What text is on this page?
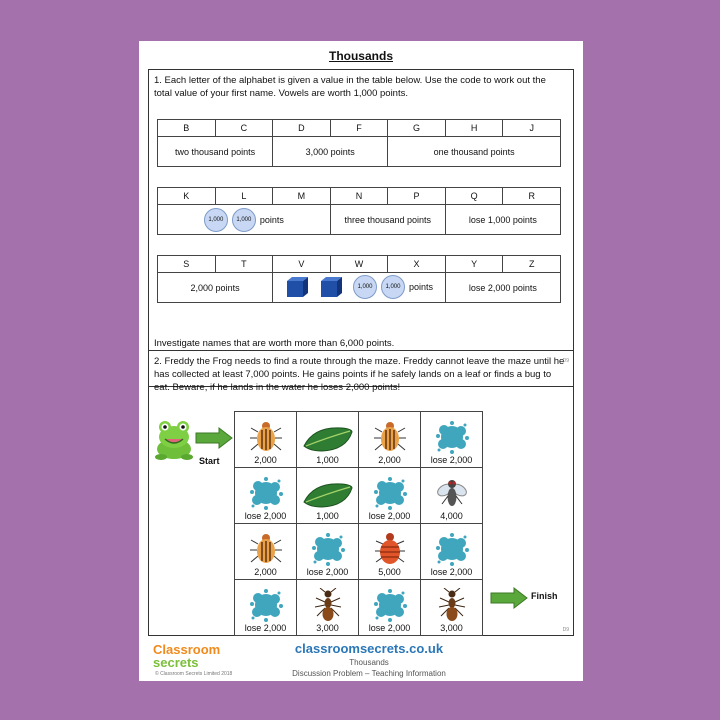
Thousands
1. Each letter of the alphabet is given a value in the table below. Use the code to work out the total value of your first name. Vowels are worth 1,000 points.
B	C	D	F	G	H	J
two thousand points		3,000 points		one thousand points		
K	L	M	N	P	Q	R

1,000 1,000 points			three thousand points		lose 1,000 points	
S	T	V	W	X	Y	Z
2,000 points		1,000 1,000 points			lose 2,000 points	
Investigate names that are worth more than 6,000 points.
D9
2. Freddy the Frog needs to find a route through the maze. Freddy cannot leave the maze until he has collected at least 7,000 points. He gains points if he safely lands on a leaf or finds a bug to eat. Beware, if he lands in the water he loses 2,000 points!
D9
Start	2,000	1,000	2,000	lose 2,000

lose 2,000	1,000	lose 2,000	4,000

2,000	lose 2,000	5,000	lose 2,000

lose 2,000	3,000	lose 2,000	3,000
Finish
Classroom
secrets
© Classroom Secrets Limited 2018
classroomsecrets.co.uk
Thousands
Discussion Problem – Teaching Information
